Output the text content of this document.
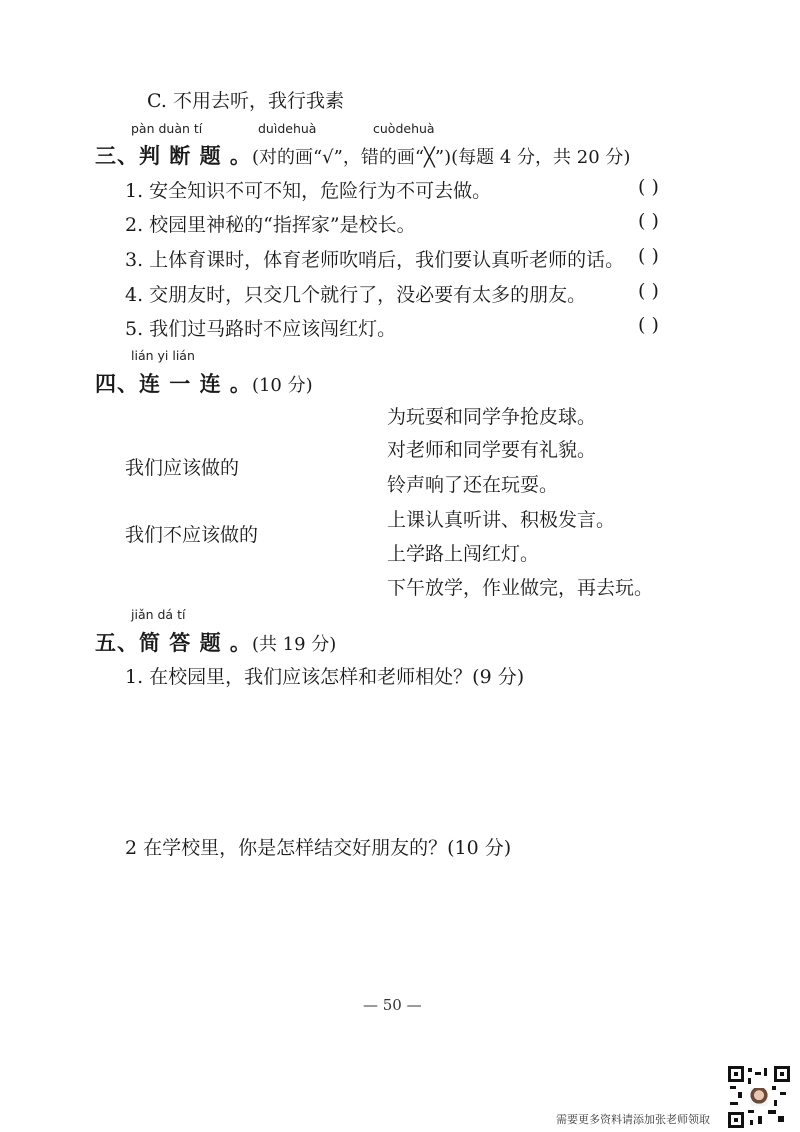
C. 不用去听，我行我素
pàn duàn tí	duìdehuà	cuòdehuà
三、判 断 题 。(对的画“√”，错的画“╳”)(每题 4 分，共 20 分)
1. 安全知识不可不知，危险行为不可去做。	( )
2. 校园里神秘的“指挥家”是校长。	( )
3. 上体育课时，体育老师吹哨后，我们要认真听老师的话。 ( )
4. 交朋友时，只交几个就行了，没必要有太多的朋友。	( )
5. 我们过马路时不应该闯红灯。	( )
lián yi lián
四、连 一 连 。(10 分)
我们应该做的
我们不应该做的
为玩耍和同学争抢皮球。
对老师和同学要有礼貌。
铃声响了还在玩耍。
上课认真听讲、积极发言。
上学路上闯红灯。
下午放学，作业做完，再去玩。
jiǎn dá tí
五、简 答 题 。(共 19 分)
1. 在校园里，我们应该怎样和老师相处？(9 分)
2 在学校里，你是怎样结交好朋友的？(10 分)
— 50 —
需要更多资料请添加张老师领取
